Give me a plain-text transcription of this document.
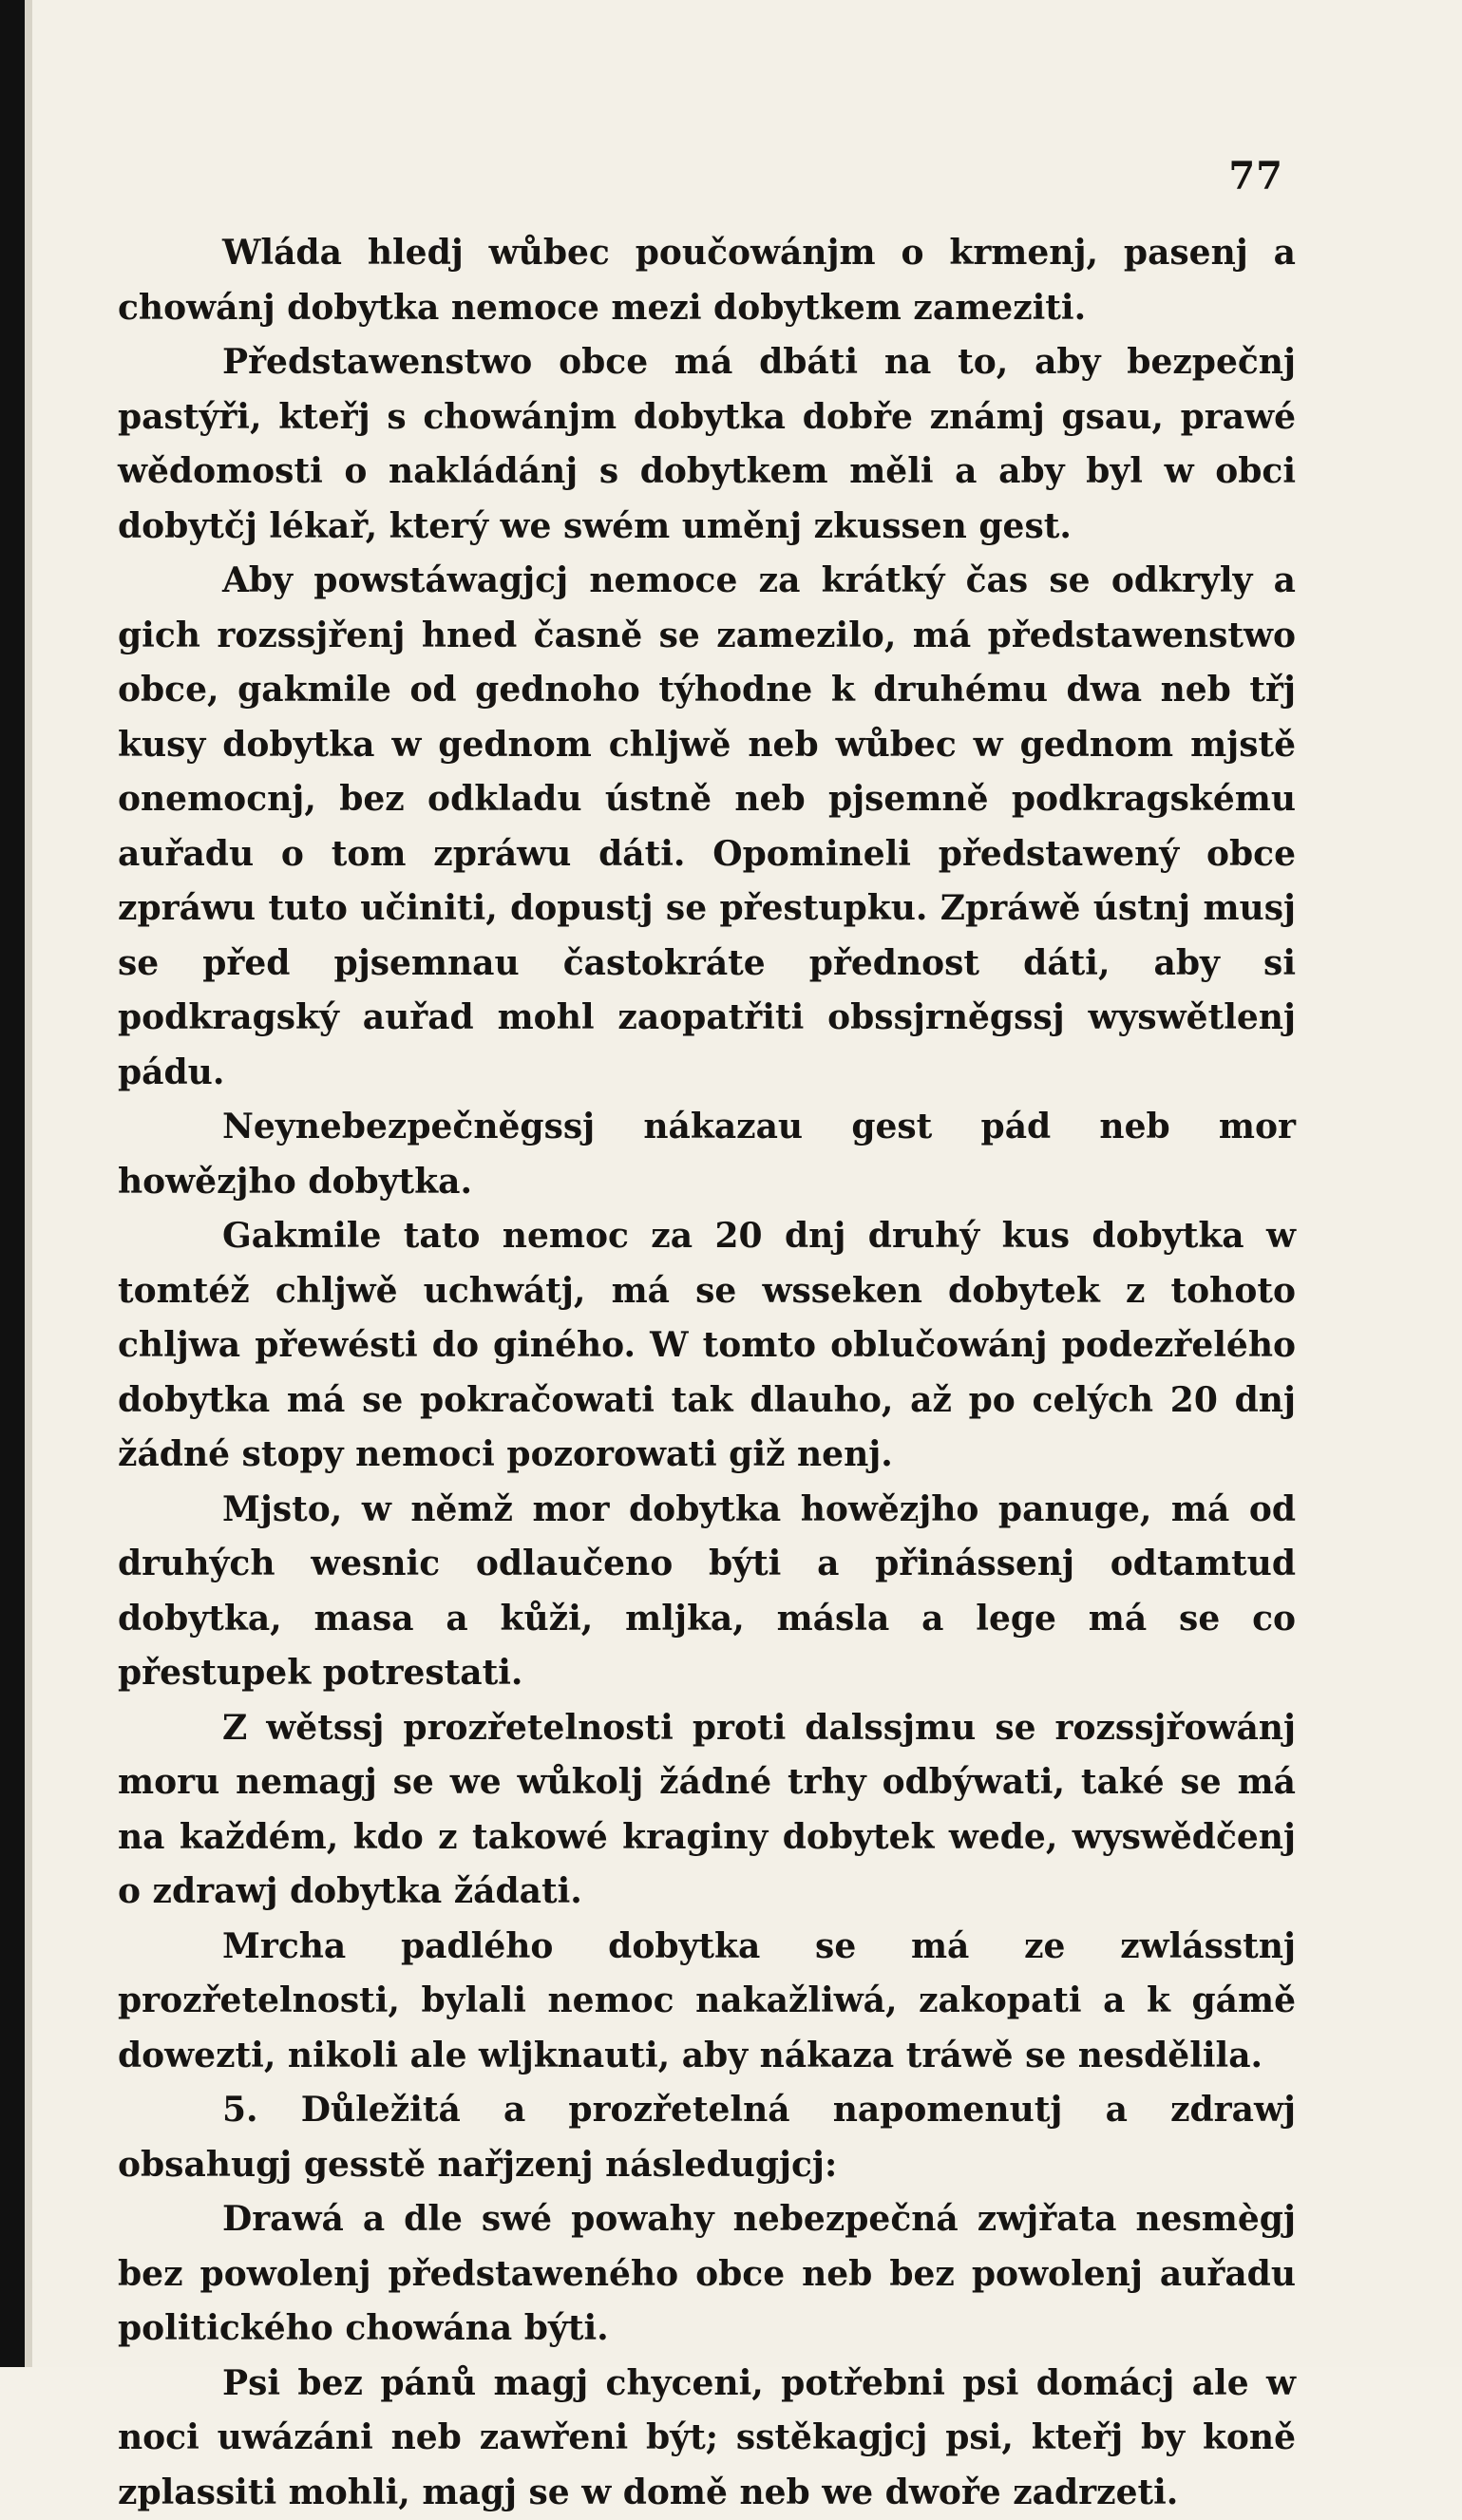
77

Wláda hledj wůbec poučowánjm o krmenj, pasenj a chowánj dobytka nemoce mezi dobytkem zameziti.

Předstawenstwo obce má dbáti na to, aby bezpečnj pastýři, kteřj s chowánjm dobytka dobře známj gsau, prawé wědomosti o nakládánj s dobytkem měli a aby byl w obci dobytčj lékař, který we swém uměnj zkussen gest.

Aby powstáwagjcj nemoce za krátký čas se odkryly a gich rozssjřenj hned časně se zamezilo, má předstawenstwo obce, gakmile od gednoho týhodne k druhému dwa neb třj kusy dobytka w gednom chljwě neb wůbec w gednom mjstě onemocnj, bez odkladu ústně neb pjsemně podkragskému auřadu o tom zpráwu dáti. Opomineli předstawený obce zpráwu tuto učiniti, dopustj se přestupku. Zpráwě ústnj musj se před pjsemnau častokráte přednost dáti, aby si podkragský auřad mohl zaopatřiti obssjrněgssj wyswětlenj pádu.

Neynebezpečněgssj nákazau gest pád neb mor howězjho dobytka.

Gakmile tato nemoc za 20 dnj druhý kus dobytka w tomtéž chljwě uchwátj, má se wsseken dobytek z tohoto chljwa přewésti do giného. W tomto oblučowánj podezřelého dobytka má se pokračowati tak dlauho, až po celých 20 dnj žádné stopy nemoci pozorowati giž nenj.

Mjsto, w němž mor dobytka howězjho panuge, má od druhých wesnic odlaučeno býti a přinássenj odtamtud dobytka, masa a kůži, mljka, másla a lege má se co přestupek potrestati.

Z wětssj prozřetelnosti proti dalssjmu se rozssjřowánj moru nemagj se we wůkolj žádné trhy odbýwati, také se má na každém, kdo z takowé kraginy dobytek wede, wyswědčenj o zdrawj dobytka žádati.

Mrcha padlého dobytka se má ze zwlásstnj prozřetelnosti, bylali nemoc nakažliwá, zakopati a k gámě dowezti, nikoli ale wljknauti, aby nákaza tráwě se nesdělila.

5. Důležitá a prozřetelná napomenutj a zdrawj obsahugj gesstě nařjzenj následugjcj:

Drawá a dle swé powahy nebezpečná zwjřata nesmègj bez powolenj předstaweného obce neb bez powolenj auřadu politického chowána býti.

Psi bez pánů magj chyceni, potřebni psi domácj ale w noci uwázáni neb zawřeni být; sstěkagjcj psi, kteřj by koně zplassiti mohli, magj se w domě neb we dwoře zadrzeti.
